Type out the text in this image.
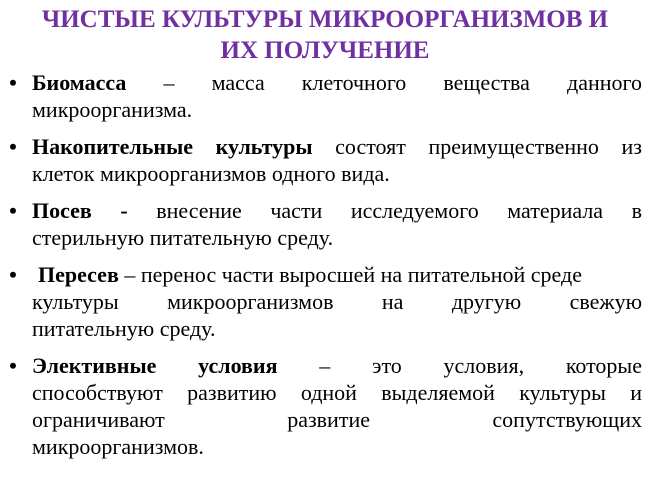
ЧИСТЫЕ КУЛЬТУРЫ МИКРООРГАНИЗМОВ И
ИХ ПОЛУЧЕНИЕ
• Биомасса – масса клеточного вещества данного
микроорганизма.
• Накопительные культуры состоят преимущественно из
клеток микроорганизмов одного вида.
• Посев - внесение части исследуемого материала в
стерильную питательную среду.
• Пересев – перенос части выросшей на питательной среде
культуры микроорганизмов на другую свежую
питательную среду.
• Элективные условия – это условия, которые
способствуют развитию одной выделяемой культуры и
ограничивают развитие сопутствующих
микроорганизмов.
